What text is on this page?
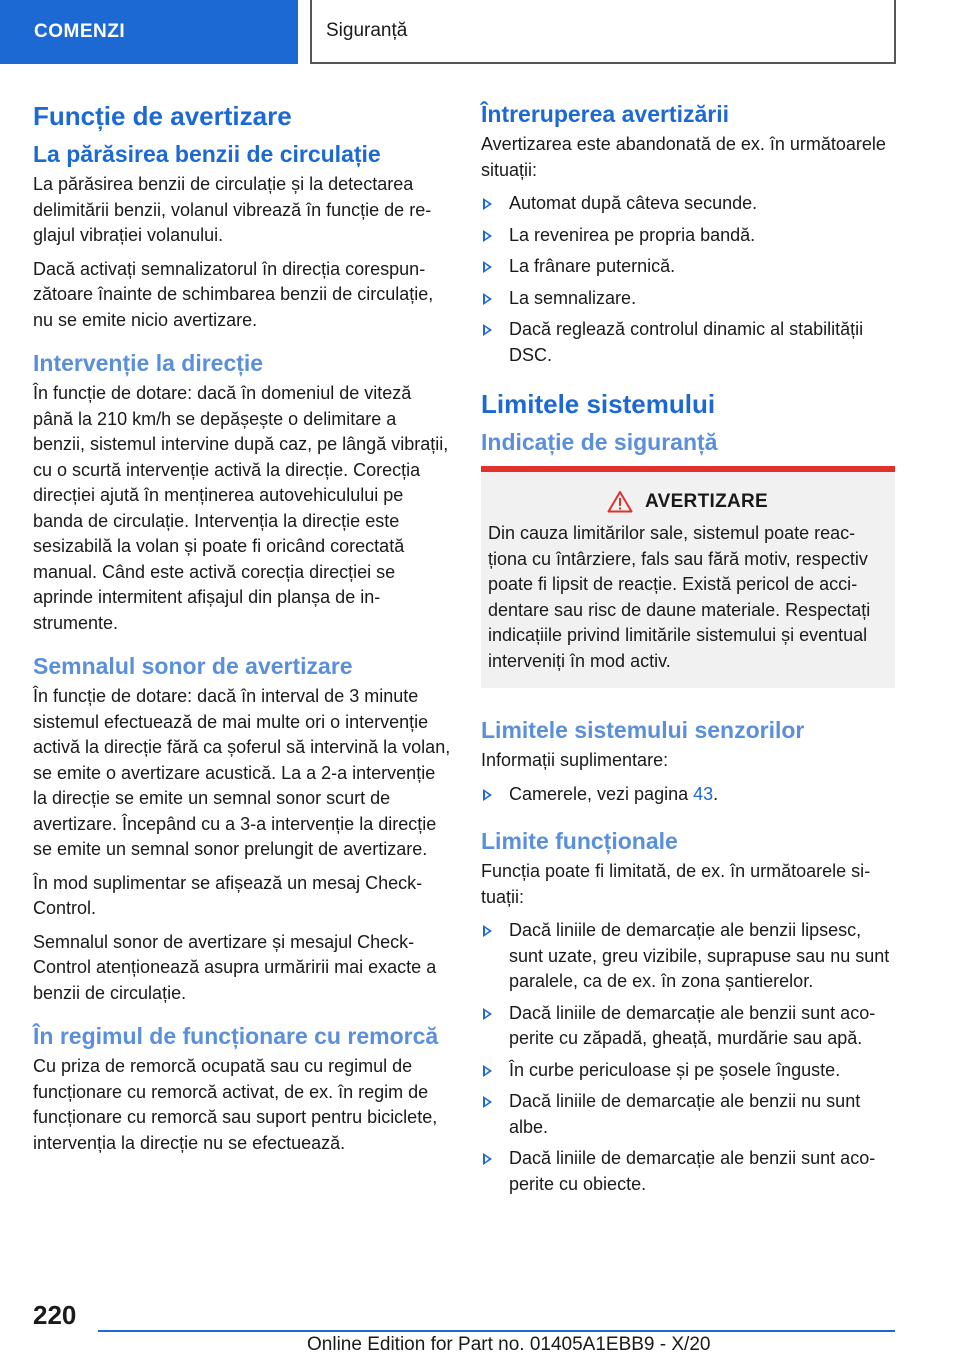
COMENZI	Siguranță
Funcție de avertizare
La părăsirea benzii de circulație

La părăsirea benzii de circulație și la detectarea delimitării benzii, volanul vibrează în funcție de reglajul vibrației volanului.

Dacă activați semnalizatorul în direcția corespunzătoare înainte de schimbarea benzii de circulație, nu se emite nicio avertizare.

Intervenție la direcție

În funcție de dotare: dacă în domeniul de viteză până la 210 km/h se depășește o delimitare a benzii, sistemul intervine după caz, pe lângă vibrații, cu o scurtă intervenție activă la direcție. Corecția direcției ajută în menținerea autovehiculului pe banda de circulație. Intervenția la direcție este sesizabilă la volan și poate fi oricând corectată manual. Când este activă corecția direcției se aprinde intermitent afișajul din planșa de instrumente.

Semnalul sonor de avertizare

În funcție de dotare: dacă în interval de 3 minute sistemul efectuează de mai multe ori o intervenție activă la direcție fără ca șoferul să intervină la volan, se emite o avertizare acustică. La a 2-a intervenție la direcție se emite un semnal sonor scurt de avertizare. Începând cu a 3-a intervenție la direcție se emite un semnal sonor prelungit de avertizare.

În mod suplimentar se afișează un mesaj Check-Control.

Semnalul sonor de avertizare și mesajul Check-Control atenționează asupra urmăririi mai exacte a benzii de circulație.

În regimul de funcționare cu remorcă

Cu priza de remorcă ocupată sau cu regimul de funcționare cu remorcă activat, de ex. în regim de funcționare cu remorcă sau suport pentru biciclete, intervenția la direcție nu se efectuează.

Întreruperea avertizării

Avertizarea este abandonată de ex. în următoarele situații:

Automat după câteva secunde.
La revenirea pe propria bandă.
La frânare puternică.
La semnalizare.
Dacă reglează controlul dinamic al stabilității DSC.
Limitele sistemului
Indicație de siguranță
AVERTIZARE

Din cauza limitărilor sale, sistemul poate reacționa cu întârziere, fals sau fără motiv, respectiv poate fi lipsit de reacție. Există pericol de accidentare sau risc de daune materiale. Respectați indicațiile privind limitările sistemului și eventual interveniți în mod activ.

Limitele sistemului senzorilor

Informații suplimentare:

Camerele, vezi pagina 43.
Limite funcționale

Funcția poate fi limitată, de ex. în următoarele situații:

Dacă liniile de demarcație ale benzii lipsesc, sunt uzate, greu vizibile, suprapuse sau nu sunt paralele, ca de ex. în zona șantierelor.
Dacă liniile de demarcație ale benzii sunt acoperite cu zăpadă, gheață, murdărie sau apă.
În curbe periculoase și pe șosele înguste.
Dacă liniile de demarcație ale benzii nu sunt albe.
Dacă liniile de demarcație ale benzii sunt acoperite cu obiecte.
220
Online Edition for Part no. 01405A1EBB9 - X/20
